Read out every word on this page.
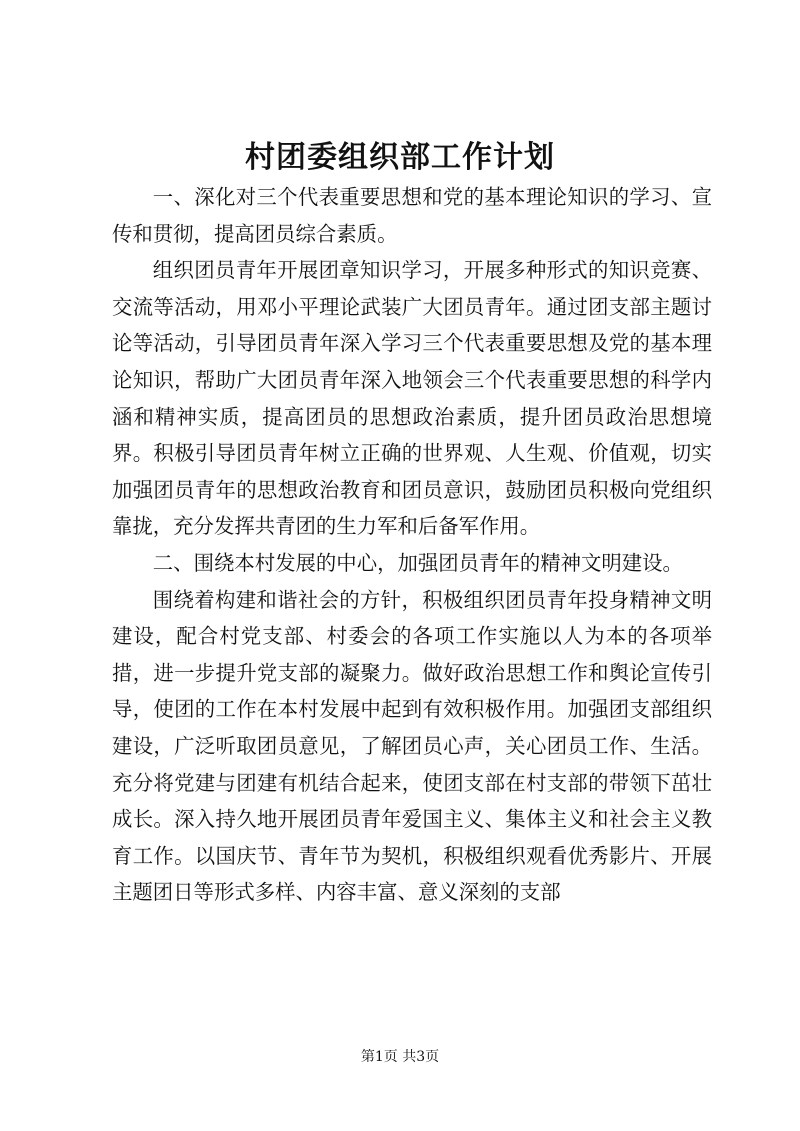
村团委组织部工作计划

一、深化对三个代表重要思想和党的基本理论知识的学习、宣传和贯彻，提高团员综合素质。

组织团员青年开展团章知识学习，开展多种形式的知识竞赛、交流等活动，用邓小平理论武装广大团员青年。通过团支部主题讨论等活动，引导团员青年深入学习三个代表重要思想及党的基本理论知识，帮助广大团员青年深入地领会三个代表重要思想的科学内涵和精神实质，提高团员的思想政治素质，提升团员政治思想境界。积极引导团员青年树立正确的世界观、人生观、价值观，切实加强团员青年的思想政治教育和团员意识，鼓励团员积极向党组织靠拢，充分发挥共青团的生力军和后备军作用。

二、围绕本村发展的中心，加强团员青年的精神文明建设。

围绕着构建和谐社会的方针，积极组织团员青年投身精神文明建设，配合村党支部、村委会的各项工作实施以人为本的各项举措，进一步提升党支部的凝聚力。做好政治思想工作和舆论宣传引导，使团的工作在本村发展中起到有效积极作用。加强团支部组织建设，广泛听取团员意见，了解团员心声，关心团员工作、生活。充分将党建与团建有机结合起来，使团支部在村支部的带领下茁壮成长。深入持久地开展团员青年爱国主义、集体主义和社会主义教育工作。以国庆节、青年节为契机，积极组织观看优秀影片、开展主题团日等形式多样、内容丰富、意义深刻的支部

第1页 共3页
